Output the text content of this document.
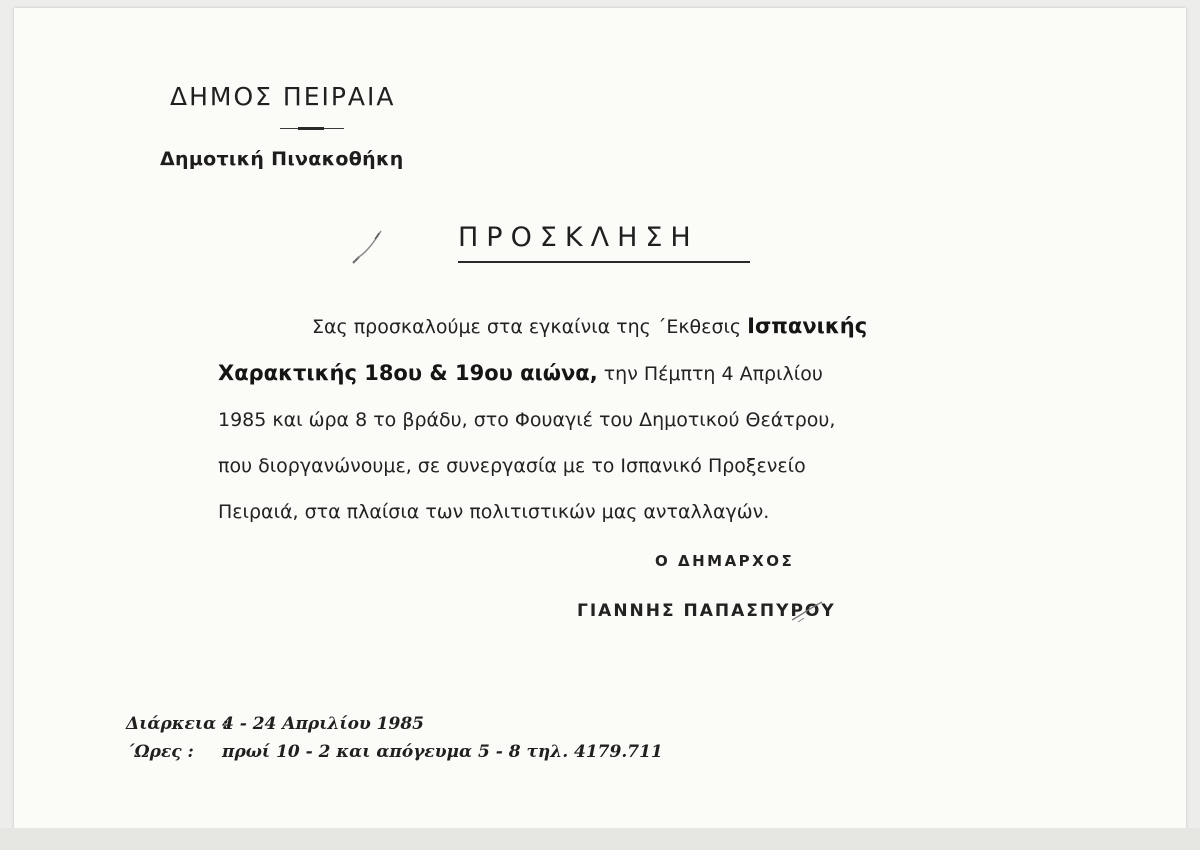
ΔΗΜΟΣ ΠΕΙΡΑΙΑ
Δημοτική Πινακοθήκη
ΠΡΟΣΚΛΗΣΗ
Σας προσκαλούμε στα εγκαίνια της ΄Εκθεσις Ισπανικής
Χαρακτικής 18ου & 19ου αιώνα, την Πέμπτη 4 Απριλίου
1985 και ώρα 8 το βράδυ, στο Φουαγιέ του Δημοτικού Θεάτρου,
που διοργανώνουμε, σε συνεργασία με το Ισπανικό Προξενείο
Πειραιά, στα πλαίσια των πολιτιστικών μας ανταλλαγών.
Ο ΔΗΜΑΡΧΟΣ
ΓΙΑΝΝΗΣ ΠΑΠΑΣΠΥΡΟΥ
Διάρκεια :4 - 24 Απριλίου 1985
΄Ωρες : πρωί 10 - 2 και απόγευμα 5 - 8 τηλ. 4179.711
